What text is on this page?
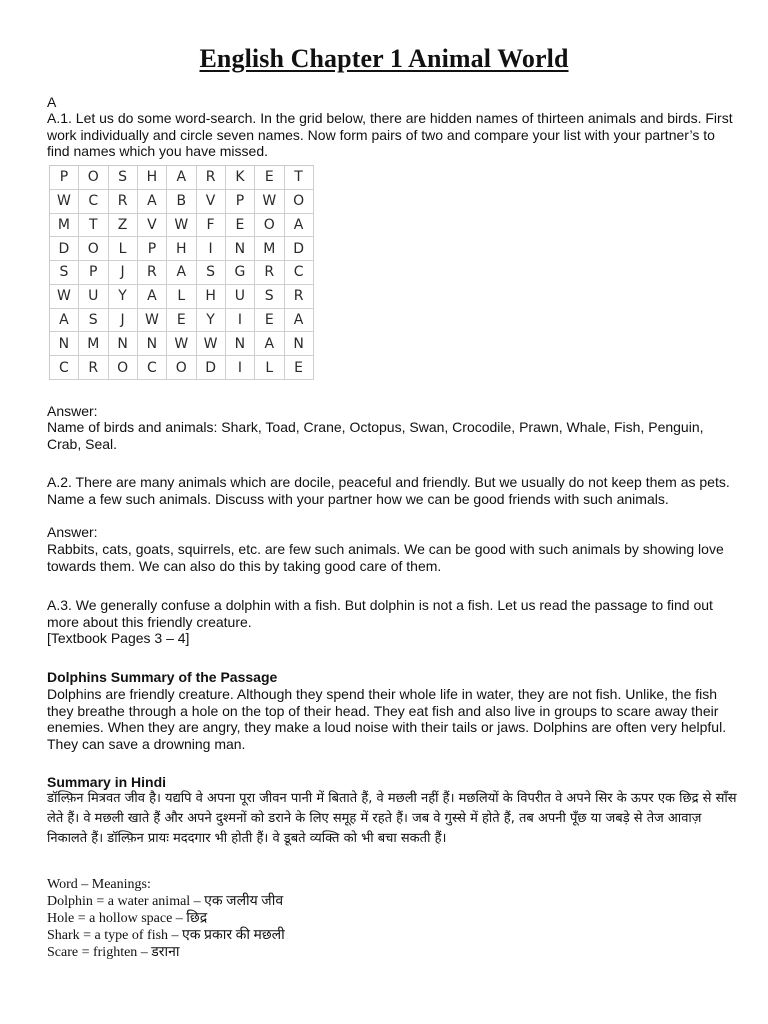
English Chapter 1 Animal World

A

A.1. Let us do some word-search. In the grid below, there are hidden names of thirteen animals and birds. First work individually and circle seven names. Now form pairs of two and compare your list with your partner’s to find names which you have missed.

P	O	S	H	A	R	K	E	T
W	C	R	A	B	V	P	W	O
M	T	Z	V	W	F	E	O	A
D	O	L	P	H	I	N	M	D
S	P	J	R	A	S	G	R	C
W	U	Y	A	L	H	U	S	R
A	S	J	W	E	Y	I	E	A
N	M	N	N	W	W	N	A	N
C	R	O	C	O	D	I	L	E

Answer:

Name of birds and animals: Shark, Toad, Crane, Octopus, Swan, Crocodile, Prawn, Whale, Fish, Penguin, Crab, Seal.

A.2. There are many animals which are docile, peaceful and friendly. But we usually do not keep them as pets. Name a few such animals. Discuss with your partner how we can be good friends with such animals.

Answer:

Rabbits, cats, goats, squirrels, etc. are few such animals. We can be good with such animals by showing love towards them. We can also do this by taking good care of them.

A.3. We generally confuse a dolphin with a fish. But dolphin is not a fish. Let us read the passage to find out more about this friendly creature.

[Textbook Pages 3 – 4]

Dolphins Summary of the Passage

Dolphins are friendly creature. Although they spend their whole life in water, they are not fish. Unlike, the fish they breathe through a hole on the top of their head. They eat fish and also live in groups to scare away their enemies. When they are angry, they make a loud noise with their tails or jaws. Dolphins are often very helpful. They can save a drowning man.

Summary in Hindi

डॉल्फ़िन मित्रवत जीव है। यद्यपि वे अपना पूरा जीवन पानी में बिताते हैं, वे मछली नहीं हैं। मछलियों के विपरीत वे अपने सिर के ऊपर एक छिद्र से साँस लेते हैं। वे मछली खाते हैं और अपने दुश्मनों को डराने के लिए समूह में रहते हैं। जब वे गुस्से में होते हैं, तब अपनी पूँछ या जबड़े से तेज आवाज़ निकालते हैं। डॉल्फ़िन प्रायः मददगार भी होती हैं। वे डूबते व्यक्ति को भी बचा सकती हैं।

Word – Meanings:
Dolphin = a water animal – एक जलीय जीव
Hole = a hollow space – छिद्र
Shark = a type of fish – एक प्रकार की मछली
Scare = frighten – डराना
